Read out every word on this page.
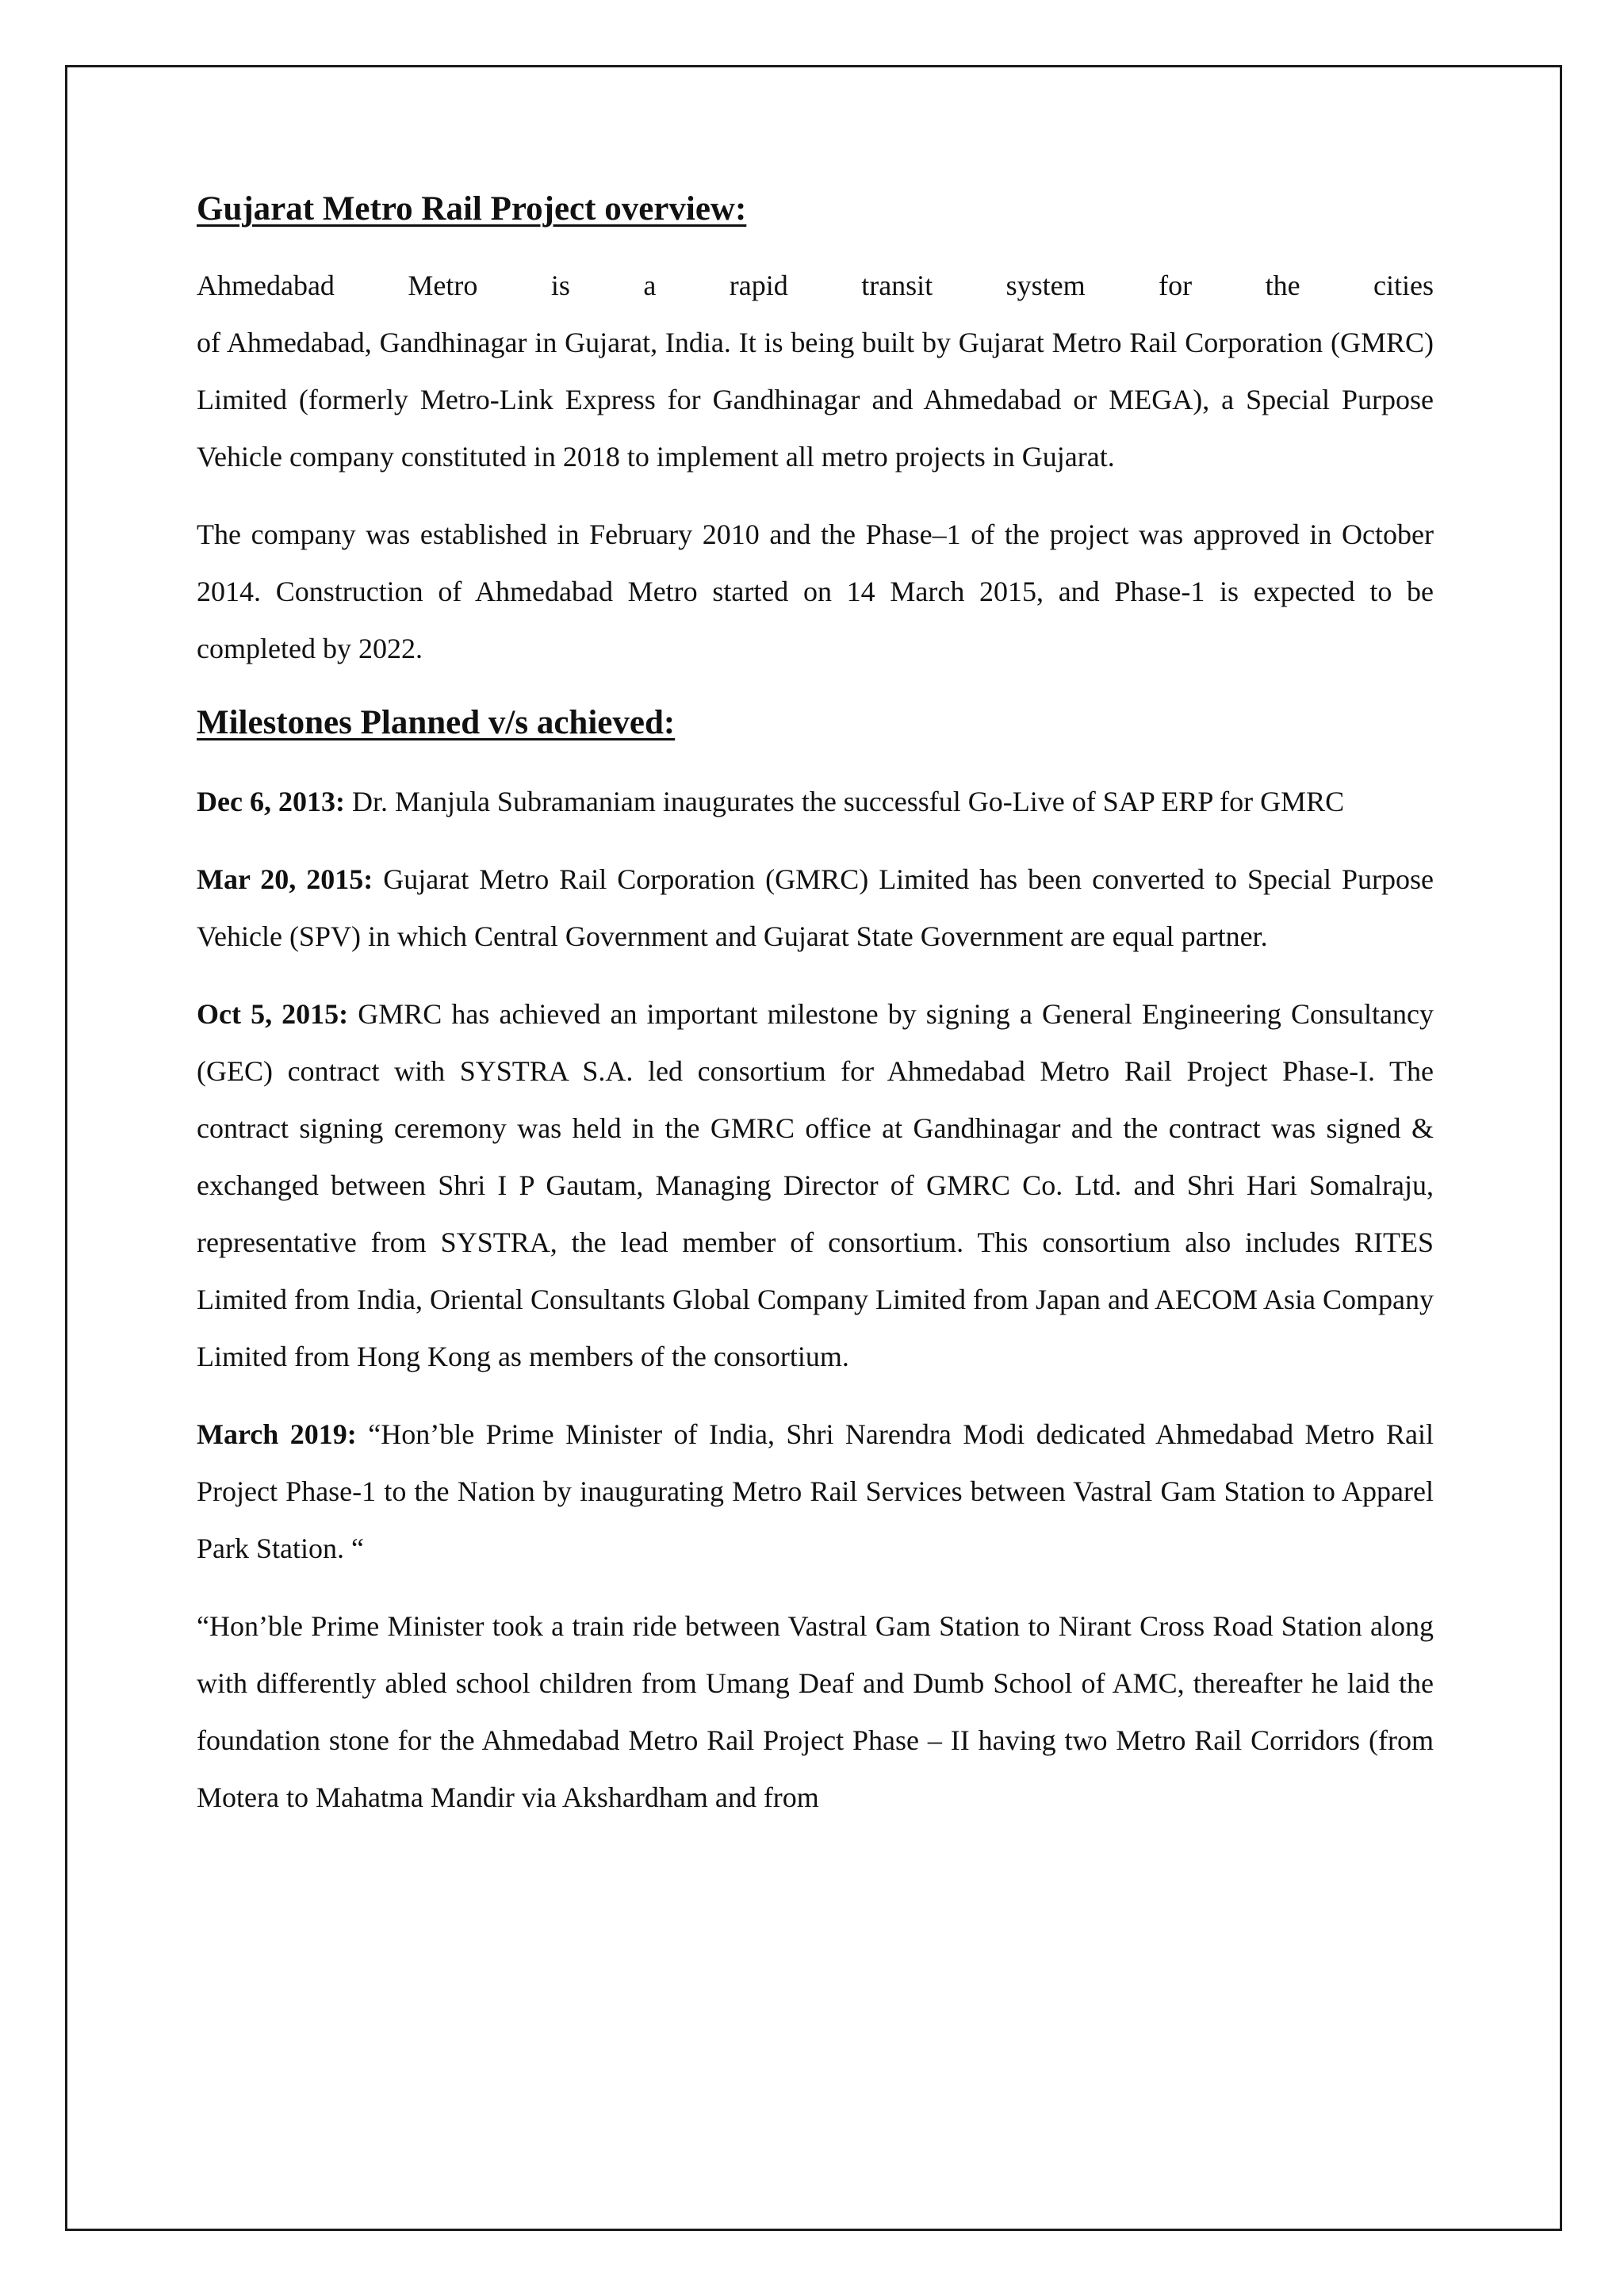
Gujarat Metro Rail Project overview:

Ahmedabad Metro is a rapid transit system for the cities

of Ahmedabad, Gandhinagar in Gujarat, India. It is being built by Gujarat Metro Rail Corporation (GMRC) Limited (formerly Metro-Link Express for Gandhinagar and Ahmedabad or MEGA), a Special Purpose Vehicle company constituted in 2018 to implement all metro projects in Gujarat.

The company was established in February 2010 and the Phase–1 of the project was approved in October 2014. Construction of Ahmedabad Metro started on 14 March 2015, and Phase-1 is expected to be completed by 2022.

Milestones Planned v/s achieved:

Dec 6, 2013: Dr. Manjula Subramaniam inaugurates the successful Go-Live of SAP ERP for GMRC

Mar 20, 2015: Gujarat Metro Rail Corporation (GMRC) Limited has been converted to Special Purpose Vehicle (SPV) in which Central Government and Gujarat State Government are equal partner.

Oct 5, 2015: GMRC has achieved an important milestone by signing a General Engineering Consultancy (GEC) contract with SYSTRA S.A. led consortium for Ahmedabad Metro Rail Project Phase-I. The contract signing ceremony was held in the GMRC office at Gandhinagar and the contract was signed & exchanged between Shri I P Gautam, Managing Director of GMRC Co. Ltd. and Shri Hari Somalraju, representative from SYSTRA, the lead member of consortium. This consortium also includes RITES Limited from India, Oriental Consultants Global Company Limited from Japan and AECOM Asia Company Limited from Hong Kong as members of the consortium.

March 2019: “Hon’ble Prime Minister of India, Shri Narendra Modi dedicated Ahmedabad Metro Rail Project Phase-1 to the Nation by inaugurating Metro Rail Services between Vastral Gam Station to Apparel Park Station. “

“Hon’ble Prime Minister took a train ride between Vastral Gam Station to Nirant Cross Road Station along with differently abled school children from Umang Deaf and Dumb School of AMC, thereafter he laid the foundation stone for the Ahmedabad Metro Rail Project Phase – II having two Metro Rail Corridors (from Motera to Mahatma Mandir via Akshardham and from
